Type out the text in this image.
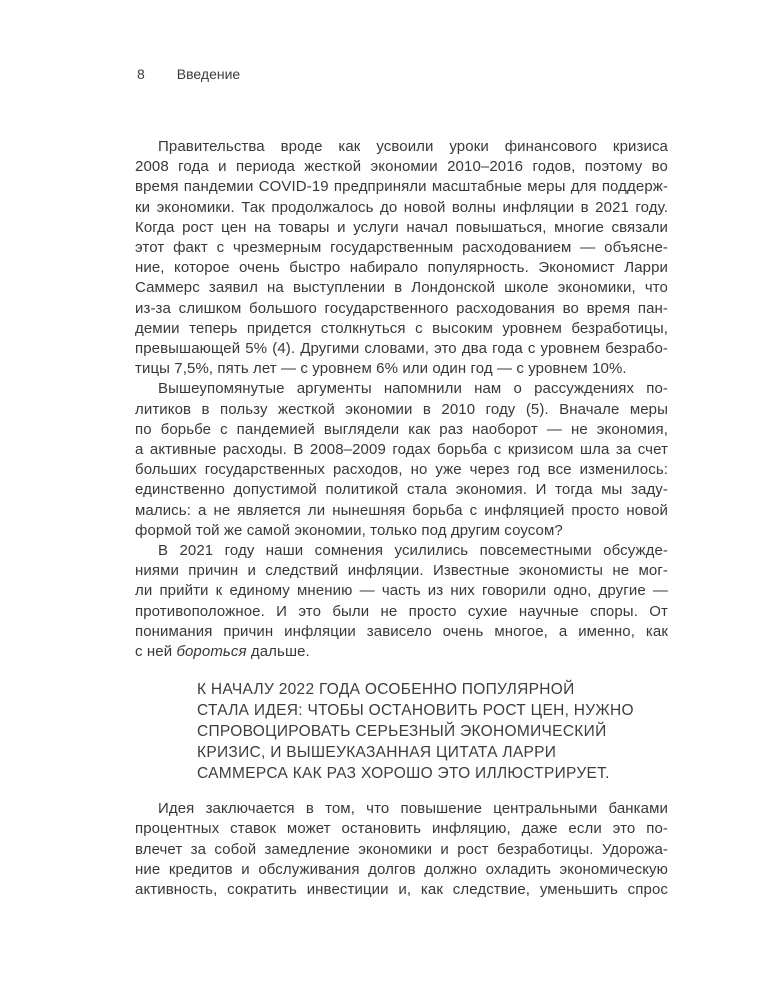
8 Введение
Правительства вроде как усвоили уроки финансового кризиса
2008 года и периода жесткой экономии 2010–2016 годов, поэтому во
время пандемии COVID-19 предприняли масштабные меры для поддерж-
ки экономики. Так продолжалось до новой волны инфляции в 2021 году.
Когда рост цен на товары и услуги начал повышаться, многие связали
этот факт с чрезмерным государственным расходованием — объясне-
ние, которое очень быстро набирало популярность. Экономист Ларри
Саммерс заявил на выступлении в Лондонской школе экономики, что
из-за слишком большого государственного расходования во время пан-
демии теперь придется столкнуться с высоким уровнем безработицы,
превышающей 5% (4). Другими словами, это два года с уровнем безрабо-
тицы 7,5%, пять лет — с уровнем 6% или один год — с уровнем 10%.
Вышеупомянутые аргументы напомнили нам о рассуждениях по-
литиков в пользу жесткой экономии в 2010 году (5). Вначале меры
по борьбе с пандемией выглядели как раз наоборот — не экономия,
а активные расходы. В 2008–2009 годах борьба с кризисом шла за счет
больших государственных расходов, но уже через год все изменилось:
единственно допустимой политикой стала экономия. И тогда мы заду-
мались: а не является ли нынешняя борьба с инфляцией просто новой
формой той же самой экономии, только под другим соусом?
В 2021 году наши сомнения усилились повсеместными обсужде-
ниями причин и следствий инфляции. Известные экономисты не мог-
ли прийти к единому мнению — часть из них говорили одно, другие —
противоположное. И это были не просто сухие научные споры. От
понимания причин инфляции зависело очень многое, а именно, как
с ней бороться дальше.
К НАЧАЛУ 2022 ГОДА ОСОБЕННО ПОПУЛЯРНОЙ
СТАЛА ИДЕЯ: ЧТОБЫ ОСТАНОВИТЬ РОСТ ЦЕН, НУЖНО
СПРОВОЦИРОВАТЬ СЕРЬЕЗНЫЙ ЭКОНОМИЧЕСКИЙ
КРИЗИС, И ВЫШЕУКАЗАННАЯ ЦИТАТА ЛАРРИ
САММЕРСА КАК РАЗ ХОРОШО ЭТО ИЛЛЮСТРИРУЕТ.
Идея заключается в том, что повышение центральными банками
процентных ставок может остановить инфляцию, даже если это по-
влечет за собой замедление экономики и рост безработицы. Удорожа-
ние кредитов и обслуживания долгов должно охладить экономическую
активность, сократить инвестиции и, как следствие, уменьшить спрос
